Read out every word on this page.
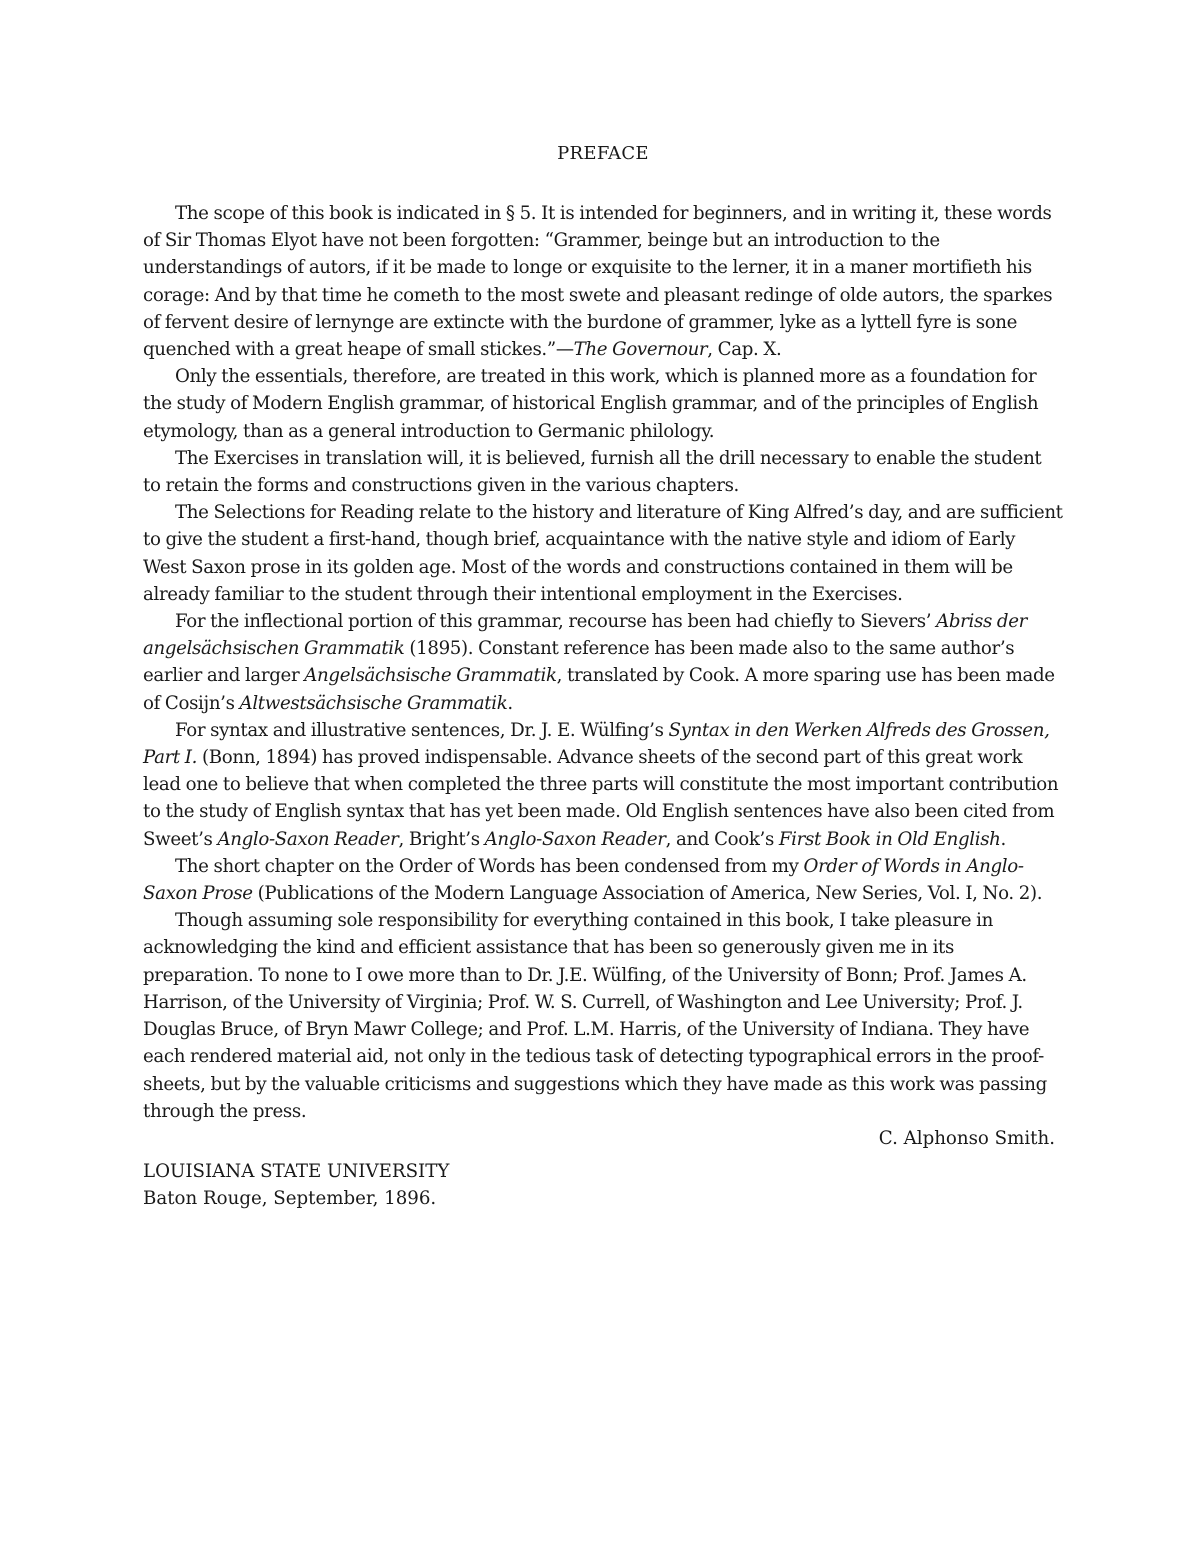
PREFACE

The scope of this book is indicated in § 5. It is intended for beginners, and in writing it, these words of Sir Thomas Elyot have not been forgotten: “Grammer, beinge but an introduction to the understandings of autors, if it be made to longe or exquisite to the lerner, it in a maner mortifieth his corage: And by that time he cometh to the most swete and pleasant redinge of olde autors, the sparkes of fervent desire of lernynge are extincte with the burdone of grammer, lyke as a lyttell fyre is sone quenched with a great heape of small stickes.”—The Governour, Cap. X.

Only the essentials, therefore, are treated in this work, which is planned more as a foundation for the study of Modern English grammar, of historical English grammar, and of the principles of English etymology, than as a general introduction to Germanic philology.

The Exercises in translation will, it is believed, furnish all the drill necessary to enable the student to retain the forms and constructions given in the various chapters.

The Selections for Reading relate to the history and literature of King Alfred’s day, and are sufficient to give the student a first-hand, though brief, acquaintance with the native style and idiom of Early West Saxon prose in its golden age. Most of the words and constructions contained in them will be already familiar to the student through their intentional employment in the Exercises.

For the inflectional portion of this grammar, recourse has been had chiefly to Sievers’ Abriss der angelsächsischen Grammatik (1895). Constant reference has been made also to the same author’s earlier and larger Angelsächsische Grammatik, translated by Cook. A more sparing use has been made of Cosijn’s Altwestsächsische Grammatik.

For syntax and illustrative sentences, Dr. J. E. Wülfing’s Syntax in den Werken Alfreds des Grossen, Part I. (Bonn, 1894) has proved indispensable. Advance sheets of the second part of this great work lead one to believe that when completed the three parts will constitute the most important contribution to the study of English syntax that has yet been made. Old English sentences have also been cited from Sweet’s Anglo-Saxon Reader, Bright’s Anglo-Saxon Reader, and Cook’s First Book in Old English.

The short chapter on the Order of Words has been condensed from my Order of Words in Anglo-Saxon Prose (Publications of the Modern Language Association of America, New Series, Vol. I, No. 2).

Though assuming sole responsibility for everything contained in this book, I take pleasure in acknowledging the kind and efficient assistance that has been so generously given me in its preparation. To none to I owe more than to Dr. J.E. Wülfing, of the University of Bonn; Prof. James A. Harrison, of the University of Virginia; Prof. W. S. Currell, of Washington and Lee University; Prof. J. Douglas Bruce, of Bryn Mawr College; and Prof. L.M. Harris, of the University of Indiana. They have each rendered material aid, not only in the tedious task of detecting typographical errors in the proof-sheets, but by the valuable criticisms and suggestions which they have made as this work was passing through the press.

C. Alphonso Smith.

LOUISIANA STATE UNIVERSITY

Baton Rouge, September, 1896.
